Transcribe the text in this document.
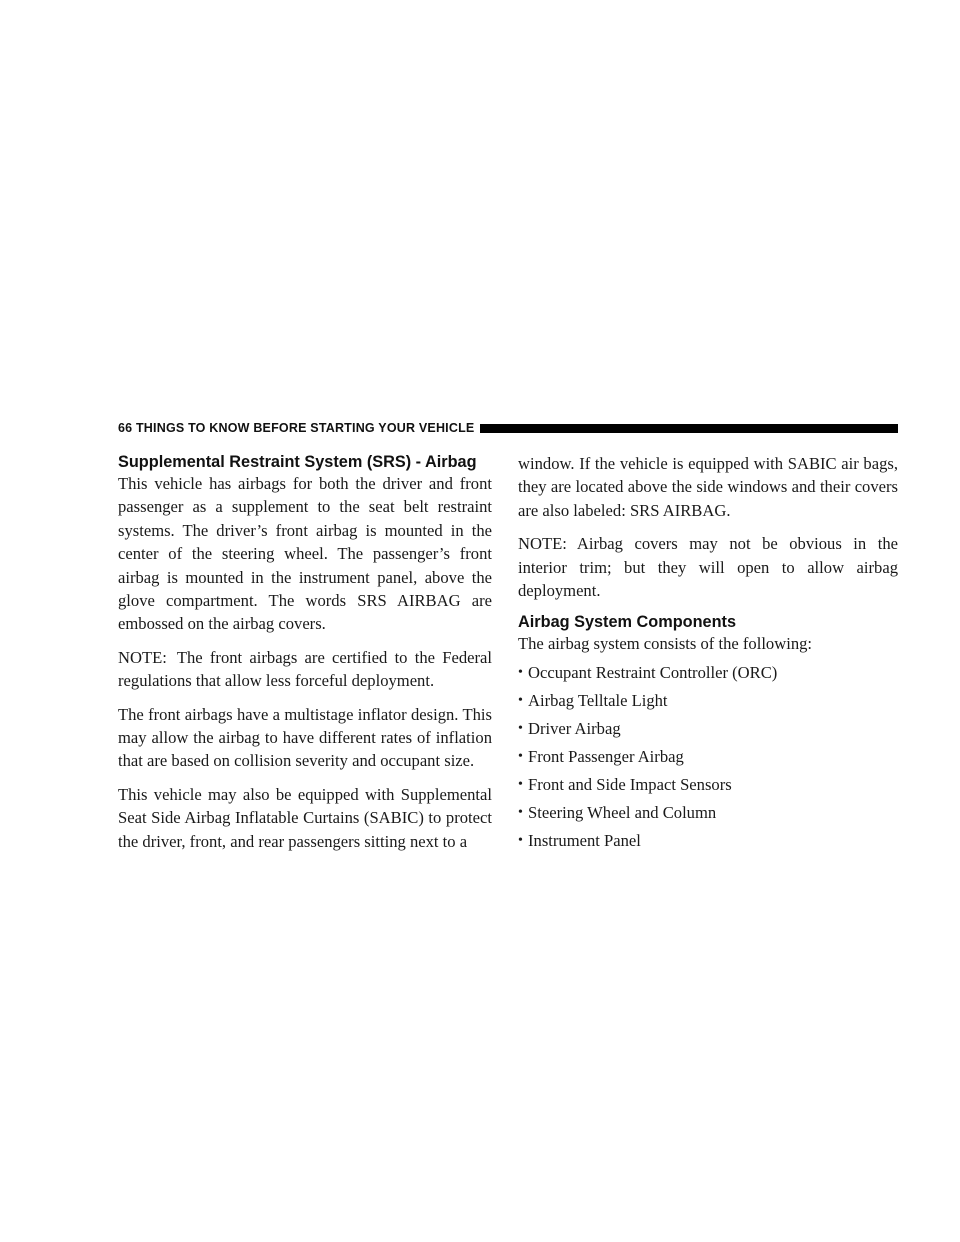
66 THINGS TO KNOW BEFORE STARTING YOUR VEHICLE
Supplemental Restraint System (SRS) - Airbag

This vehicle has airbags for both the driver and front passenger as a supplement to the seat belt restraint systems. The driver’s front airbag is mounted in the center of the steering wheel. The passenger’s front airbag is mounted in the instrument panel, above the glove compartment. The words SRS AIRBAG are embossed on the airbag covers.

NOTE: The front airbags are certified to the Federal regulations that allow less forceful deployment.

The front airbags have a multistage inflator design. This may allow the airbag to have different rates of inflation that are based on collision severity and occupant size.

This vehicle may also be equipped with Supplemental Seat Side Airbag Inflatable Curtains (SABIC) to protect the driver, front, and rear passengers sitting next to a

window. If the vehicle is equipped with SABIC air bags, they are located above the side windows and their covers are also labeled: SRS AIRBAG.

NOTE: Airbag covers may not be obvious in the interior trim; but they will open to allow airbag deployment.

Airbag System Components

The airbag system consists of the following:

• Occupant Restraint Controller (ORC)
• Airbag Telltale Light
• Driver Airbag
• Front Passenger Airbag
• Front and Side Impact Sensors
• Steering Wheel and Column
• Instrument Panel
